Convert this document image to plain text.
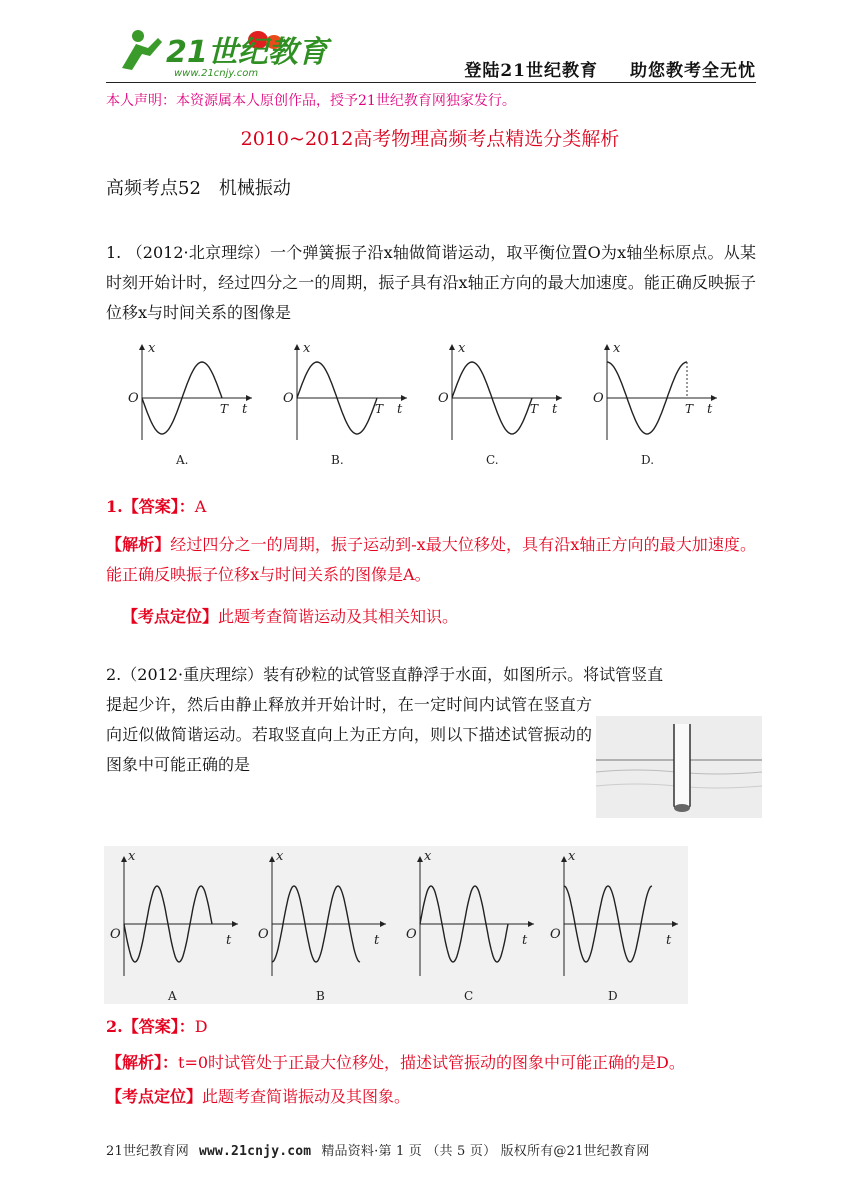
21世纪教育
www.21cnjy.com	登陆21世纪教育 助您教考全无忧
本人声明：本资源属本人原创作品，授予21世纪教育网独家发行。
2010~2012高考物理高频考点精选分类解析
高频考点52　机械振动
1. （2012·北京理综）一个弹簧振子沿x轴做简谐运动，取平衡位置O为x轴坐标原点。从某时刻开始计时，经过四分之一的周期，振子具有沿x轴正方向的最大加速度。能正确反映振子位移x与时间关系的图像是
x
O
T t
A.
x
O
T t
B.
x
O
T t
C.
x
O
T t
D.
1.【答案】：A
【解析】经过四分之一的周期，振子运动到-x最大位移处，具有沿x轴正方向的最大加速度。能正确反映振子位移x与时间关系的图像是A。
【考点定位】此题考查简谐运动及其相关知识。
2.（2012·重庆理综）装有砂粒的试管竖直静浮于水面，如图所示。将试管竖直
提起少许，然后由静止释放并开始计时，在一定时间内试管在竖直方向近似做简谐运动。若取竖直向上为正方向，则以下描述试管振动的图象中可能正确的是
x
O	t
A
x
O	t
B
x
O	t
C
x
O	t
D
2.【答案】：D
【解析】：t=0时试管处于正最大位移处，描述试管振动的图象中可能正确的是D。
【考点定位】此题考查简谐振动及其图象。
21世纪教育网 www.21cnjy.com 精品资料·第 1 页 （共 5 页） 版权所有@21世纪教育网
